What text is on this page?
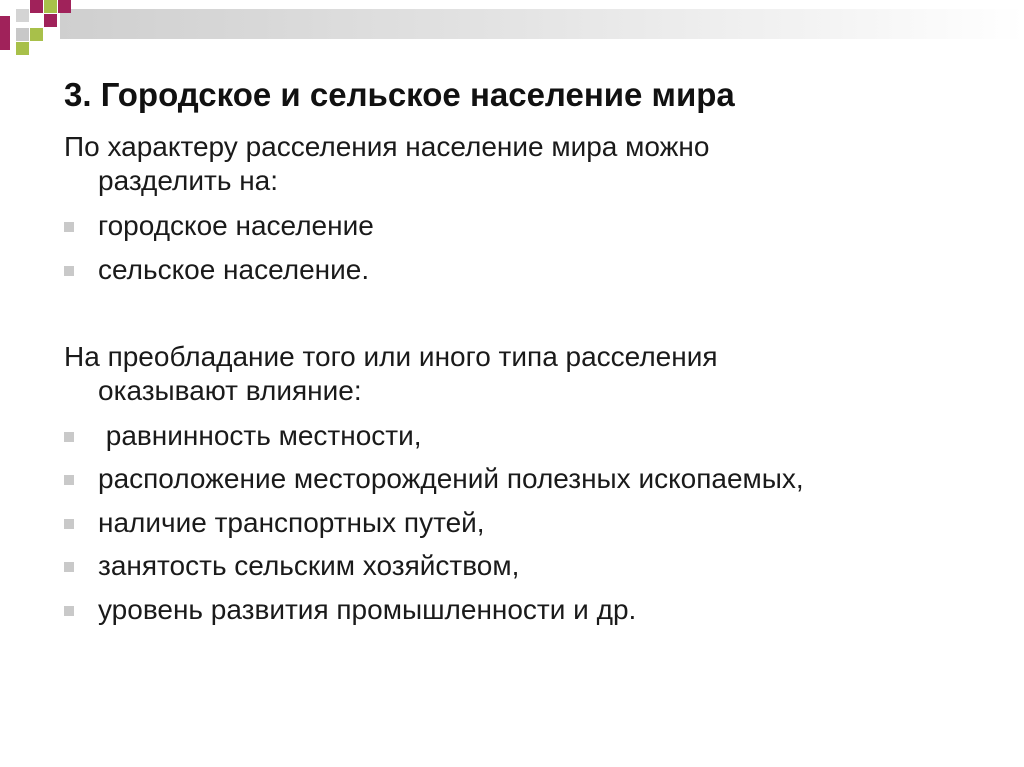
3. Городское и сельское население мира
По характеру расселения население мира можно
разделить на:
городское население
сельское население.
На преобладание того или иного типа расселения
оказывают влияние:
равнинность местности,
расположение месторождений полезных ископаемых,
наличие транспортных путей,
занятость сельским хозяйством,
уровень развития промышленности и др.
